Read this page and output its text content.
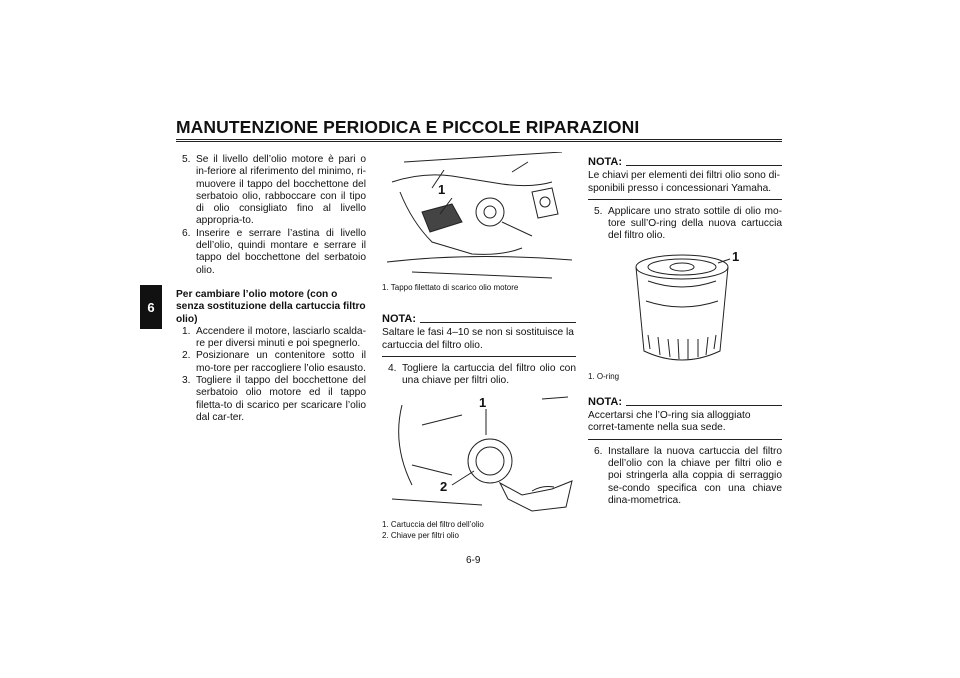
MANUTENZIONE PERIODICA E PICCOLE RIPARAZIONI
6
6-9

5. Se il livello dell’olio motore è pari o in-feriore al riferimento del minimo, ri-muovere il tappo del bocchettone del serbatoio olio, rabboccare con il tipo di olio consigliato fino al livello appropria-to.

6. Inserire e serrare l’astina di livello dell’olio, quindi montare e serrare il tappo del bocchettone del serbatoio olio.

Per cambiare l’olio motore (con o senza sostituzione della cartuccia filtro olio)

1. Accendere il motore, lasciarlo scalda-re per diversi minuti e poi spegnerlo.

2. Posizionare un contenitore sotto il mo-tore per raccogliere l’olio esausto.

3. Togliere il tappo del bocchettone del serbatoio olio motore ed il tappo filetta-to di scarico per scaricare l’olio dal car-ter.

1

1. Tappo filettato di scarico olio motore

NOTA:

Saltare le fasi 4–10 se non si sostituisce la cartuccia del filtro olio.

4. Togliere la cartuccia del filtro olio con una chiave per filtri olio.

1
2

1. Cartuccia del filtro dell’olio

2. Chiave per filtri olio

NOTA:

Le chiavi per elementi dei filtri olio sono di-sponibili presso i concessionari Yamaha.

5. Applicare uno strato sottile di olio mo-tore sull’O-ring della nuova cartuccia del filtro olio.

1

1. O-ring

NOTA:

Accertarsi che l’O-ring sia alloggiato corret-tamente nella sua sede.

6. Installare la nuova cartuccia del filtro dell’olio con la chiave per filtri olio e poi stringerla alla coppia di serraggio se-condo specifica con una chiave dina-mometrica.
